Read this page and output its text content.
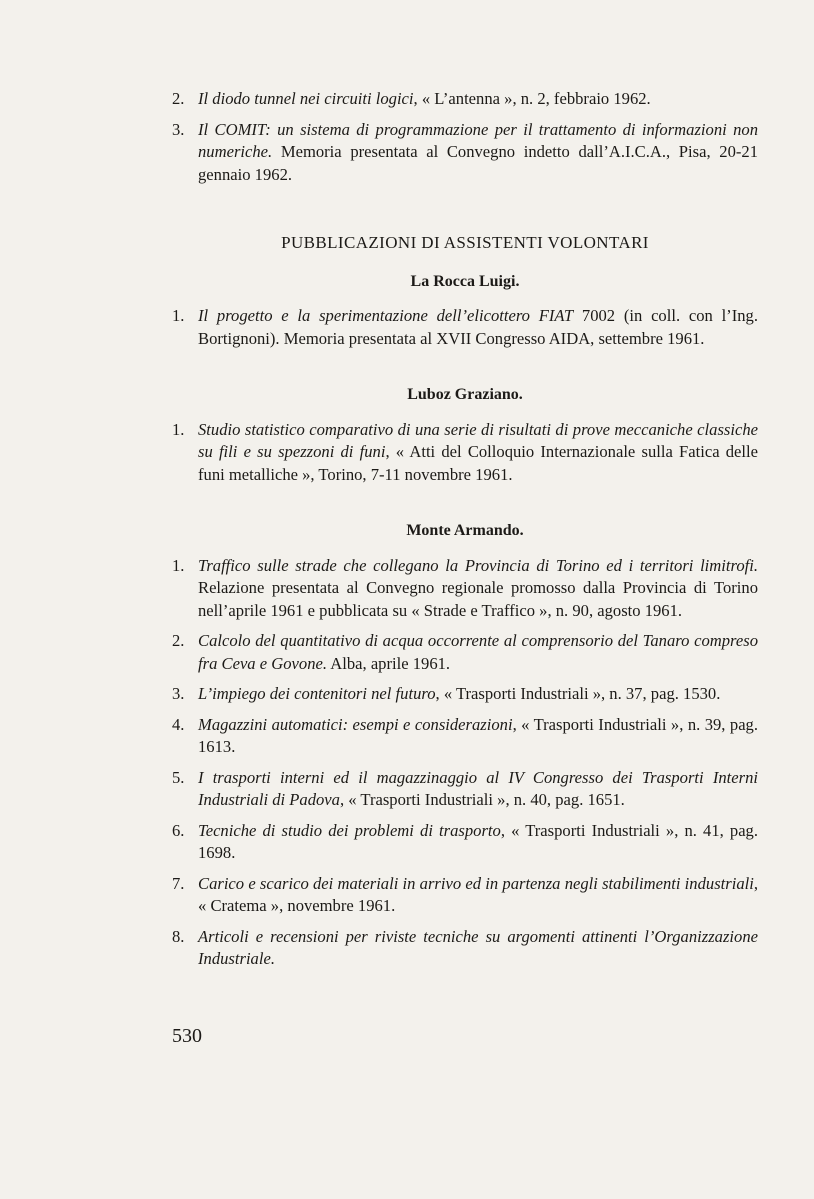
2. Il diodo tunnel nei circuiti logici, « L’antenna », n. 2, febbraio 1962.
3. Il COMIT: un sistema di programmazione per il trattamento di informazioni non numeriche. Memoria presentata al Convegno indetto dall’A.I.C.A., Pisa, 20-21 gennaio 1962.
PUBBLICAZIONI DI ASSISTENTI VOLONTARI
La Rocca Luigi.
1. Il progetto e la sperimentazione dell’elicottero FIAT 7002 (in coll. con l’Ing. Bortignoni). Memoria presentata al XVII Congresso AIDA, settembre 1961.
Luboz Graziano.
1. Studio statistico comparativo di una serie di risultati di prove meccaniche classiche su fili e su spezzoni di funi, « Atti del Colloquio Internazionale sulla Fatica delle funi metalliche », Torino, 7-11 novembre 1961.
Monte Armando.
1. Traffico sulle strade che collegano la Provincia di Torino ed i territori limitrofi. Relazione presentata al Convegno regionale promosso dalla Provincia di Torino nell’aprile 1961 e pubblicata su « Strade e Traffico », n. 90, agosto 1961.
2. Calcolo del quantitativo di acqua occorrente al comprensorio del Tanaro compreso fra Ceva e Govone. Alba, aprile 1961.
3. L’impiego dei contenitori nel futuro, « Trasporti Industriali », n. 37, pag. 1530.
4. Magazzini automatici: esempi e considerazioni, « Trasporti Industriali », n. 39, pag. 1613.
5. I trasporti interni ed il magazzinaggio al IV Congresso dei Trasporti Interni Industriali di Padova, « Trasporti Industriali », n. 40, pag. 1651.
6. Tecniche di studio dei problemi di trasporto, « Trasporti Industriali », n. 41, pag. 1698.
7. Carico e scarico dei materiali in arrivo ed in partenza negli stabilimenti industriali, « Cratema », novembre 1961.
8. Articoli e recensioni per riviste tecniche su argomenti attinenti l’Organizzazione Industriale.
530
